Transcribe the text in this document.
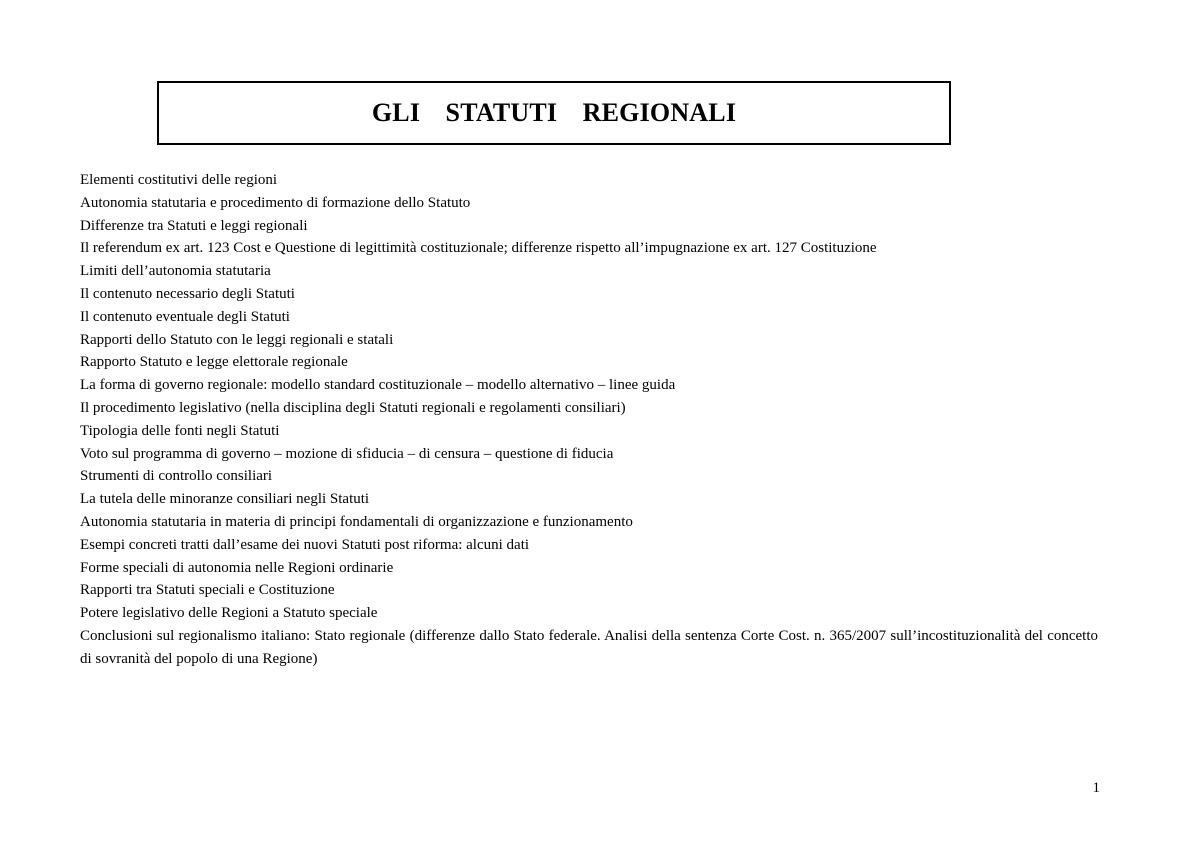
GLI  STATUTI  REGIONALI
Elementi costitutivi delle regioni
Autonomia statutaria e procedimento di formazione dello Statuto
Differenze tra Statuti e leggi regionali
Il referendum ex art. 123 Cost e Questione di legittimità costituzionale; differenze rispetto all’impugnazione ex art. 127 Costituzione
Limiti dell’autonomia statutaria
Il contenuto necessario degli Statuti
Il contenuto eventuale degli Statuti
Rapporti dello Statuto con le leggi regionali e statali
Rapporto Statuto e legge elettorale regionale
La forma di governo regionale: modello standard costituzionale – modello alternativo – linee guida
Il procedimento legislativo (nella disciplina degli Statuti regionali e regolamenti consiliari)
Tipologia delle fonti negli Statuti
Voto sul programma di governo – mozione di sfiducia – di censura – questione di fiducia
Strumenti di controllo consiliari
La tutela delle minoranze consiliari negli Statuti
Autonomia statutaria in materia di principi fondamentali di organizzazione e funzionamento
Esempi concreti tratti dall’esame dei nuovi Statuti post riforma: alcuni dati
Forme speciali di autonomia nelle Regioni ordinarie
Rapporti tra Statuti speciali e Costituzione
Potere legislativo delle Regioni a Statuto speciale
Conclusioni sul regionalismo italiano: Stato regionale (differenze dallo Stato federale. Analisi della sentenza Corte Cost. n. 365/2007 sull’incostituzionalità del concetto di sovranità del popolo di una Regione)
1
